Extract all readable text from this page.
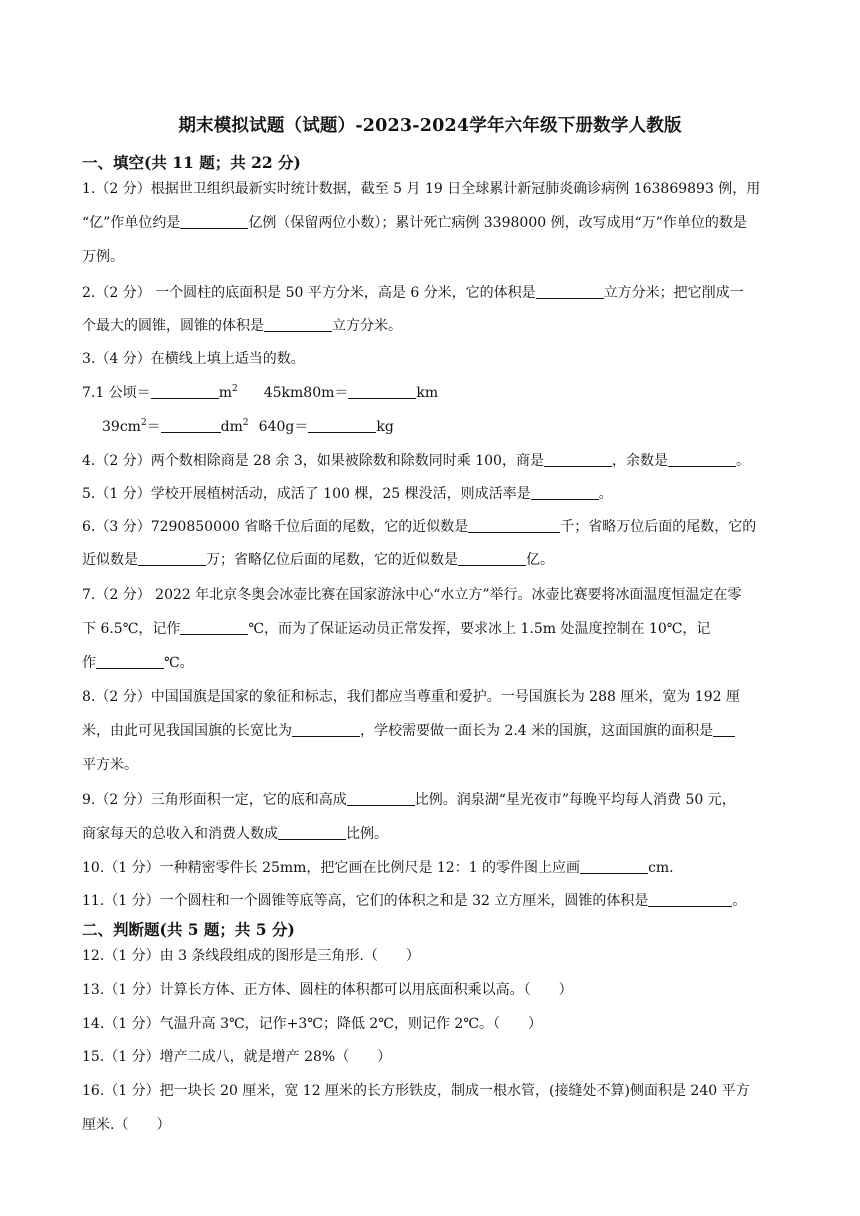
期末模拟试题（试题）-2023-2024学年六年级下册数学人教版
一、填空(共 11 题；共 22 分)
1.（2 分）根据世卫组织最新实时统计数据，截至 5 月 19 日全球累计新冠肺炎确诊病例 163869893 例，用
“亿”作单位约是	亿例（保留两位小数）；累计死亡病例 3398000 例，改写成用“万”作单位的数是
万例。
2.（2 分） 一个圆柱的底面积是 50 平方分米，高是 6 分米，它的体积是	立方分米；把它削成一
个最大的圆锥，圆锥的体积是	立方分米。
3.（4 分）在横线上填上适当的数。
7.1 公顷＝	$m^2$ 45km80m＝	km
$39cm^2=$	$dm^2$ 640g＝	kg
4.（2 分）两个数相除商是 28 余 3，如果被除数和除数同时乘 100，商是	，余数是	。
5.（1 分）学校开展植树活动，成活了 100 棵，25 棵没活，则成活率是	。
6.（3 分）7290850000 省略千位后面的尾数，它的近似数是	千；省略万位后面的尾数，它的
近似数是	万；省略亿位后面的尾数，它的近似数是	亿。
7.（2 分） 2022 年北京冬奥会冰壶比赛在国家游泳中心“水立方”举行。冰壶比赛要将冰面温度恒温定在零
下 6.5℃，记作	℃，而为了保证运动员正常发挥，要求冰上 1.5m 处温度控制在 10℃，记
作	℃。
8.（2 分）中国国旗是国家的象征和标志，我们都应当尊重和爱护。一号国旗长为 288 厘米，宽为 192 厘
米，由此可见我国国旗的长宽比为	，学校需要做一面长为 2.4 米的国旗，这面国旗的面积是
平方米。
9.（2 分）三角形面积一定，它的底和高成	比例。润泉湖“星光夜市”每晚平均每人消费 50 元，
商家每天的总收入和消费人数成	比例。
10.（1 分）一种精密零件长 25mm，把它画在比例尺是 12：1 的零件图上应画	cm.
11.（1 分）一个圆柱和一个圆锥等底等高，它们的体积之和是 32 立方厘米，圆锥的体积是	。
二、判断题(共 5 题；共 5 分)
12.（1 分）由 3 条线段组成的图形是三角形.（　　）
13.（1 分）计算长方体、正方体、圆柱的体积都可以用底面积乘以高。（　　）
14.（1 分）气温升高 3℃，记作+3℃；降低 2℃，则记作 2℃。（　　）
15.（1 分）增产二成八，就是增产 28%（　　）
16.（1 分）把一块长 20 厘米，宽 12 厘米的长方形铁皮，制成一根水管，(接缝处不算)侧面积是 240 平方
厘米.（　　）
